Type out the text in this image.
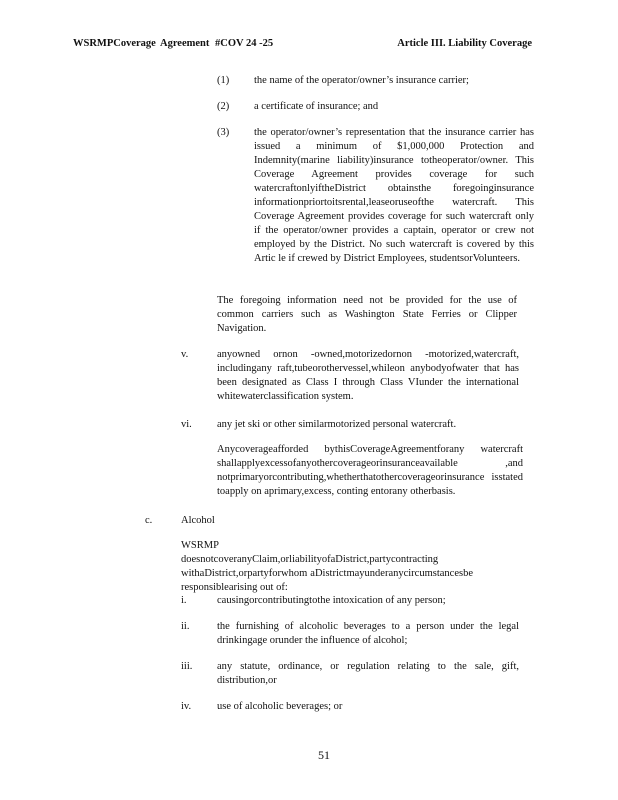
WSRMPCoverage Agreement #COV 24 -25	Article III. Liability Coverage
(1) the name of the operator/owner’s insurance carrier;
(2) a certificate of insurance; and
(3) the operator/owner’s representation that the insurance carrier has issued a minimum of $1,000,000 Protection and Indemnity(marine liability)insurance totheoperator/owner. This Coverage Agreement provides coverage for such watercraftonlyiftheDistrict obtainsthe foregoinginsurance informationpriortoitsrental,leaseoruseofthe watercraft. This Coverage Agreement provides coverage for such watercraft only if the operator/owner provides a captain, operator or crew not employed by the District. No such watercraft is covered by this Artic le if crewed by District Employees, studentsorVolunteers.
The foregoing information need not be provided for the use of common carriers such as Washington State Ferries or Clipper Navigation.
v.	anyowned ornon -owned,motorizedornon -motorized,watercraft, includingany raft,tubeorothervessel,whileon anybodyofwater that has been designated as Class I through Class VIunder the international whitewaterclassification system.
vi. any jet ski or other similarmotorized personal watercraft.
Anycoverageafforded bythisCoverageAgreementforany watercraft shallapplyexcessofanyothercoverageorinsuranceavailable ,and notprimaryorcontributing,whetherthatothercoverageorinsurance isstated toapply on aprimary,excess, conting entorany otherbasis.
c.	Alcohol
WSRMP doesnotcoveranyClaim,orliabilityofaDistrict,partycontracting withaDistrict,orpartyforwhom aDistrictmayunderanycircumstancesbe responsiblearising out of:
i.	causingorcontributingtothe intoxication of any person;
ii.	the furnishing of alcoholic beverages to a person under the legal drinkingage orunder the influence of alcohol;
iii. any statute, ordinance, or regulation relating to the sale, gift, distribution,or
iv. use of alcoholic beverages; or
51
